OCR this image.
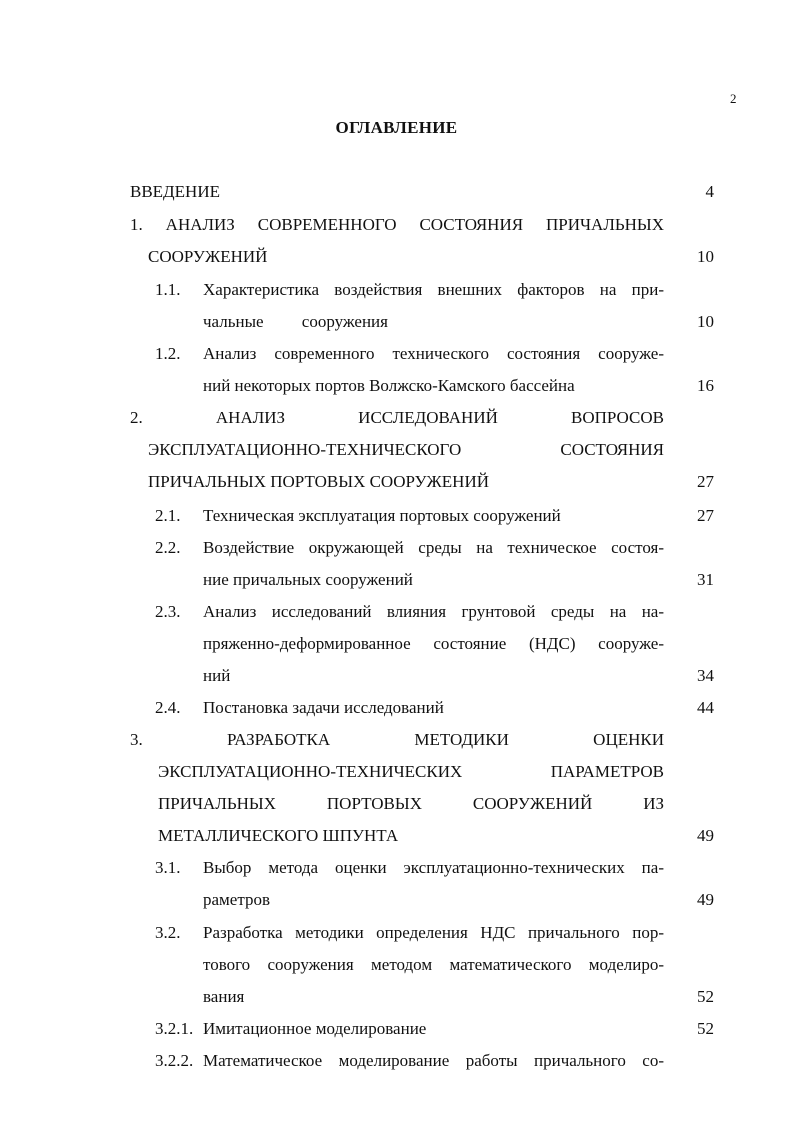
2
ОГЛАВЛЕНИЕ
ВВЕДЕНИЕ	4
1. АНАЛИЗ СОВРЕМЕННОГО СОСТОЯНИЯ ПРИЧАЛЬНЫХ
СООРУЖЕНИЙ	10
1.1. Характеристика воздействия внешних факторов на при-
чальные         сооружения	10
1.2. Анализ современного технического состояния сооруже-
ний некоторых портов Волжско-Камского бассейна	16
2. АНАЛИЗ ИССЛЕДОВАНИЙ ВОПРОСОВ
ЭКСПЛУАТАЦИОННО-ТЕХНИЧЕСКОГО СОСТОЯНИЯ
ПРИЧАЛЬНЫХ ПОРТОВЫХ СООРУЖЕНИЙ	27
2.1. Техническая эксплуатация портовых сооружений	27
2.2. Воздействие окружающей среды на техническое состоя-
ние причальных сооружений	31
2.3. Анализ исследований влияния грунтовой среды на на-
пряженно-деформированное состояние (НДС) сооруже-
ний	34
2.4. Постановка задачи исследований	44
3. РАЗРАБОТКА МЕТОДИКИ ОЦЕНКИ
ЭКСПЛУАТАЦИОННО-ТЕХНИЧЕСКИХ ПАРАМЕТРОВ
ПРИЧАЛЬНЫХ ПОРТОВЫХ СООРУЖЕНИЙ ИЗ
МЕТАЛЛИЧЕСКОГО ШПУНТА	49
3.1. Выбор метода оценки эксплуатационно-технических па-
раметров	49
3.2. Разработка методики определения НДС причального пор-
тового сооружения методом математического моделиро-
вания	52
3.2.1. Имитационное моделирование	52
3.2.2. Математическое моделирование работы причального со-
